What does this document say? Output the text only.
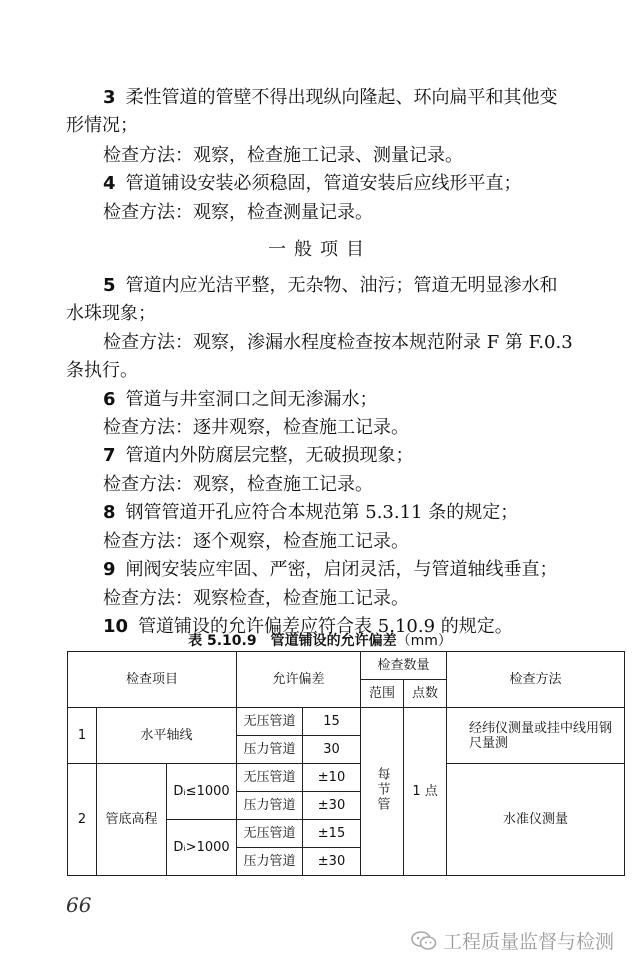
3 柔性管道的管壁不得出现纵向隆起、环向扁平和其他变
形情况；
检查方法：观察，检查施工记录、测量记录。
4 管道铺设安装必须稳固，管道安装后应线形平直；
检查方法：观察，检查测量记录。
一般项目
5 管道内应光洁平整，无杂物、油污；管道无明显渗水和
水珠现象；
检查方法：观察，渗漏水程度检查按本规范附录 F 第 F.0.3
条执行。
6 管道与井室洞口之间无渗漏水；
检查方法：逐井观察，检查施工记录。
7 管道内外防腐层完整，无破损现象；
检查方法：观察，检查施工记录。
8 钢管管道开孔应符合本规范第 5.3.11 条的规定；
检查方法：逐个观察，检查施工记录。
9 闸阀安装应牢固、严密，启闭灵活，与管道轴线垂直；
检查方法：观察检查，检查施工记录。
10 管道铺设的允许偏差应符合表 5.10.9 的规定。
表 5.10.9　管道铺设的允许偏差（mm）
检查项目			允许偏差		检查数量		检查方法
					范围	点数	
1	水平轴线		无压管道	15	每节管	1 点	经纬仪测量或挂中线用钢尺量测
			压力管道	30			
2	管底高程	Dᵢ≤1000	无压管道	±10			水准仪测量
			压力管道	±30			
		Dᵢ>1000	无压管道	±15			
			压力管道	±30			
66
工程质量监督与检测
